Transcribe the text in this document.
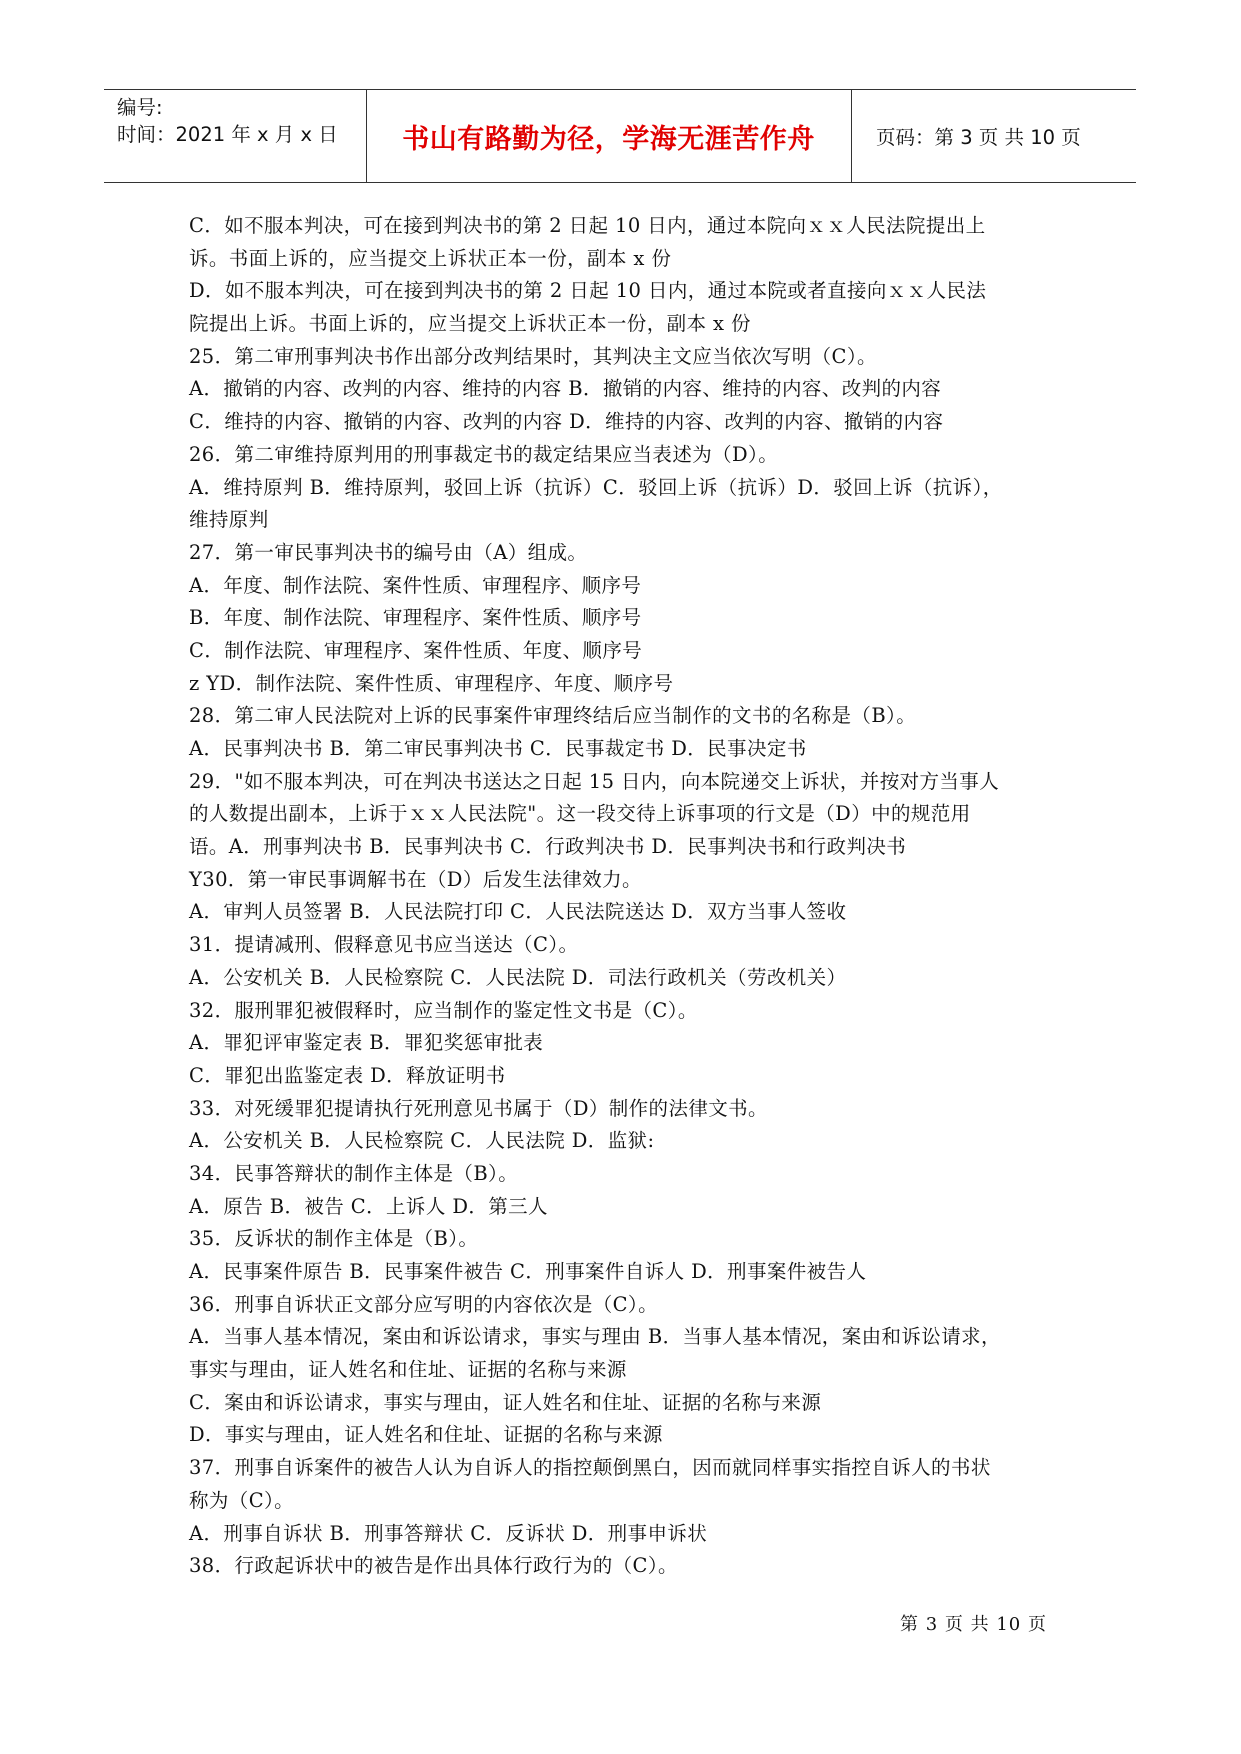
编号:
时间：2021 年 x 月 x 日	书山有路勤为径，学海无涯苦作舟	页码：第 3 页 共 10 页
C．如不服本判决，可在接到判决书的第 2 日起 10 日内，通过本院向ｘｘ人民法院提出上
诉。书面上诉的，应当提交上诉状正本一份，副本 x 份
D．如不服本判决，可在接到判决书的第 2 日起 10 日内，通过本院或者直接向ｘｘ人民法
院提出上诉。书面上诉的，应当提交上诉状正本一份，副本 x 份
25．第二审刑事判决书作出部分改判结果时，其判决主文应当依次写明（C）。
A．撤销的内容、改判的内容、维持的内容 B．撤销的内容、维持的内容、改判的内容
C．维持的内容、撤销的内容、改判的内容 D．维持的内容、改判的内容、撤销的内容
26．第二审维持原判用的刑事裁定书的裁定结果应当表述为（D）。
A．维持原判 B．维持原判，驳回上诉（抗诉）C．驳回上诉（抗诉）D．驳回上诉（抗诉），
维持原判
27．第一审民事判决书的编号由（A）组成。
A．年度、制作法院、案件性质、审理程序、顺序号
B．年度、制作法院、审理程序、案件性质、顺序号
C．制作法院、审理程序、案件性质、年度、顺序号
z YD．制作法院、案件性质、审理程序、年度、顺序号
28．第二审人民法院对上诉的民事案件审理终结后应当制作的文书的名称是（B）。
A．民事判决书 B．第二审民事判决书 C．民事裁定书 D．民事决定书
29．"如不服本判决，可在判决书送达之日起 15 日内，向本院递交上诉状，并按对方当事人
的人数提出副本，上诉于ｘｘ人民法院"。这一段交待上诉事项的行文是（D）中的规范用
语。A．刑事判决书 B．民事判决书 C．行政判决书 D．民事判决书和行政判决书
Y30．第一审民事调解书在（D）后发生法律效力。
A．审判人员签署 B．人民法院打印 C．人民法院送达 D．双方当事人签收
31．提请减刑、假释意见书应当送达（C）。
A．公安机关 B．人民检察院 C．人民法院 D．司法行政机关（劳改机关）
32．服刑罪犯被假释时，应当制作的鉴定性文书是（C）。
A．罪犯评审鉴定表 B．罪犯奖惩审批表
C．罪犯出监鉴定表 D．释放证明书
33．对死缓罪犯提请执行死刑意见书属于（D）制作的法律文书。
A．公安机关 B．人民检察院 C．人民法院 D．监狱:
34．民事答辩状的制作主体是（B）。
A．原告 B．被告 C．上诉人 D．第三人
35．反诉状的制作主体是（B）。
A．民事案件原告 B．民事案件被告 C．刑事案件自诉人 D．刑事案件被告人
36．刑事自诉状正文部分应写明的内容依次是（C）。
A．当事人基本情况，案由和诉讼请求，事实与理由 B．当事人基本情况，案由和诉讼请求，
事实与理由，证人姓名和住址、证据的名称与来源
C．案由和诉讼请求，事实与理由，证人姓名和住址、证据的名称与来源
D．事实与理由，证人姓名和住址、证据的名称与来源
37．刑事自诉案件的被告人认为自诉人的指控颠倒黑白，因而就同样事实指控自诉人的书状
称为（C）。
A．刑事自诉状 B．刑事答辩状 C．反诉状 D．刑事申诉状
38．行政起诉状中的被告是作出具体行政行为的（C）。
第 3 页 共 10 页
